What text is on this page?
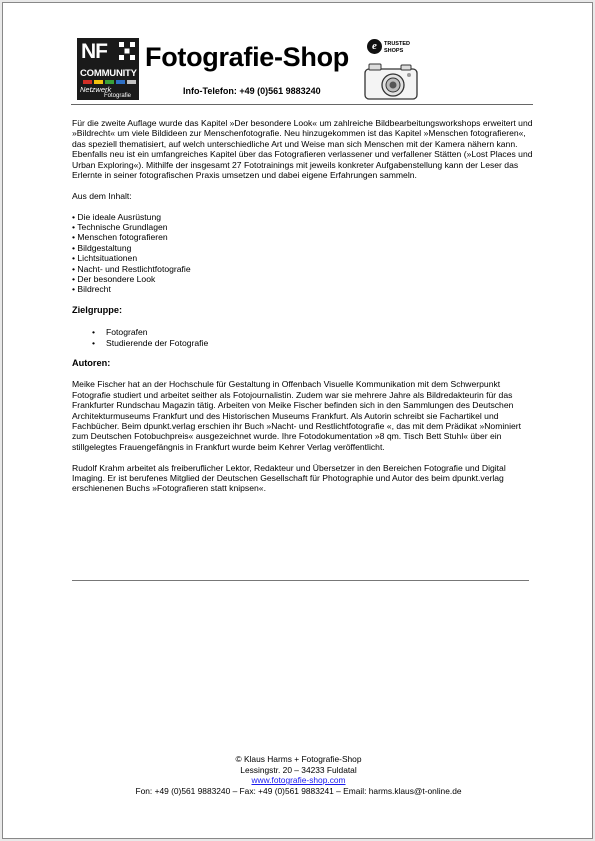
NF
COMMUNITY
Netzwerk
Fotografie
Fotografie-Shop
Info-Telefon: +49 (0)561 9883240
e	TRUSTED
SHOPS

Für die zweite Auflage wurde das Kapitel »Der besondere Look« um zahlreiche Bildbearbeitungsworkshops erweitert und »Bildrecht« um viele Bildideen zur Menschenfotografie. Neu hinzugekommen ist das Kapitel »Menschen fotografieren«, das speziell thematisiert, auf welch unterschiedliche Art und Weise man sich Menschen mit der Kamera nähern kann. Ebenfalls neu ist ein umfangreiches Kapitel über das Fotografieren verlassener und verfallener Stätten (»Lost Places und Urban Exploring«). Mithilfe der insgesamt 27 Fototrainings mit jeweils konkreter Aufgabenstellung kann der Leser das Erlernte in seiner fotografischen Praxis umsetzen und dabei eigene Erfahrungen sammeln.

Aus dem Inhalt:

• Die ideale Ausrüstung
• Technische Grundlagen
• Menschen fotografieren
• Bildgestaltung
• Lichtsituationen
• Nacht- und Restlichtfotografie
• Der besondere Look
• Bildrecht
Zielgruppe:
• Fotografen
• Studierende der Fotografie
Autoren:

Meike Fischer hat an der Hochschule für Gestaltung in Offenbach Visuelle Kommunikation mit dem Schwerpunkt Fotografie studiert und arbeitet seither als Fotojournalistin. Zudem war sie mehrere Jahre als Bildredakteurin für das Frankfurter Rundschau Magazin tätig. Arbeiten von Meike Fischer befinden sich in den Sammlungen des Deutschen Architekturmuseums Frankfurt und des Historischen Museums Frankfurt. Als Autorin schreibt sie Fachartikel und Fachbücher. Beim dpunkt.verlag erschien ihr Buch »Nacht- und Restlichtfotografie «, das mit dem Prädikat »Nominiert zum Deutschen Fotobuchpreis« ausgezeichnet wurde. Ihre Fotodokumentation »8 qm. Tisch Bett Stuhl« über ein stillgelegtes Frauengefängnis in Frankfurt wurde beim Kehrer Verlag veröffentlicht.

Rudolf Krahm arbeitet als freiberuflicher Lektor, Redakteur und Übersetzer in den Bereichen Fotografie und Digital Imaging. Er ist berufenes Mitglied der Deutschen Gesellschaft für Photographie und Autor des beim dpunkt.verlag erschienenen Buchs »Fotografieren statt knipsen«.

© Klaus Harms + Fotografie-Shop
Lessingstr. 20 – 34233 Fuldatal
www.fotografie-shop.com
Fon: +49 (0)561 9883240 – Fax: +49 (0)561 9883241 – Email: harms.klaus@t-online.de
